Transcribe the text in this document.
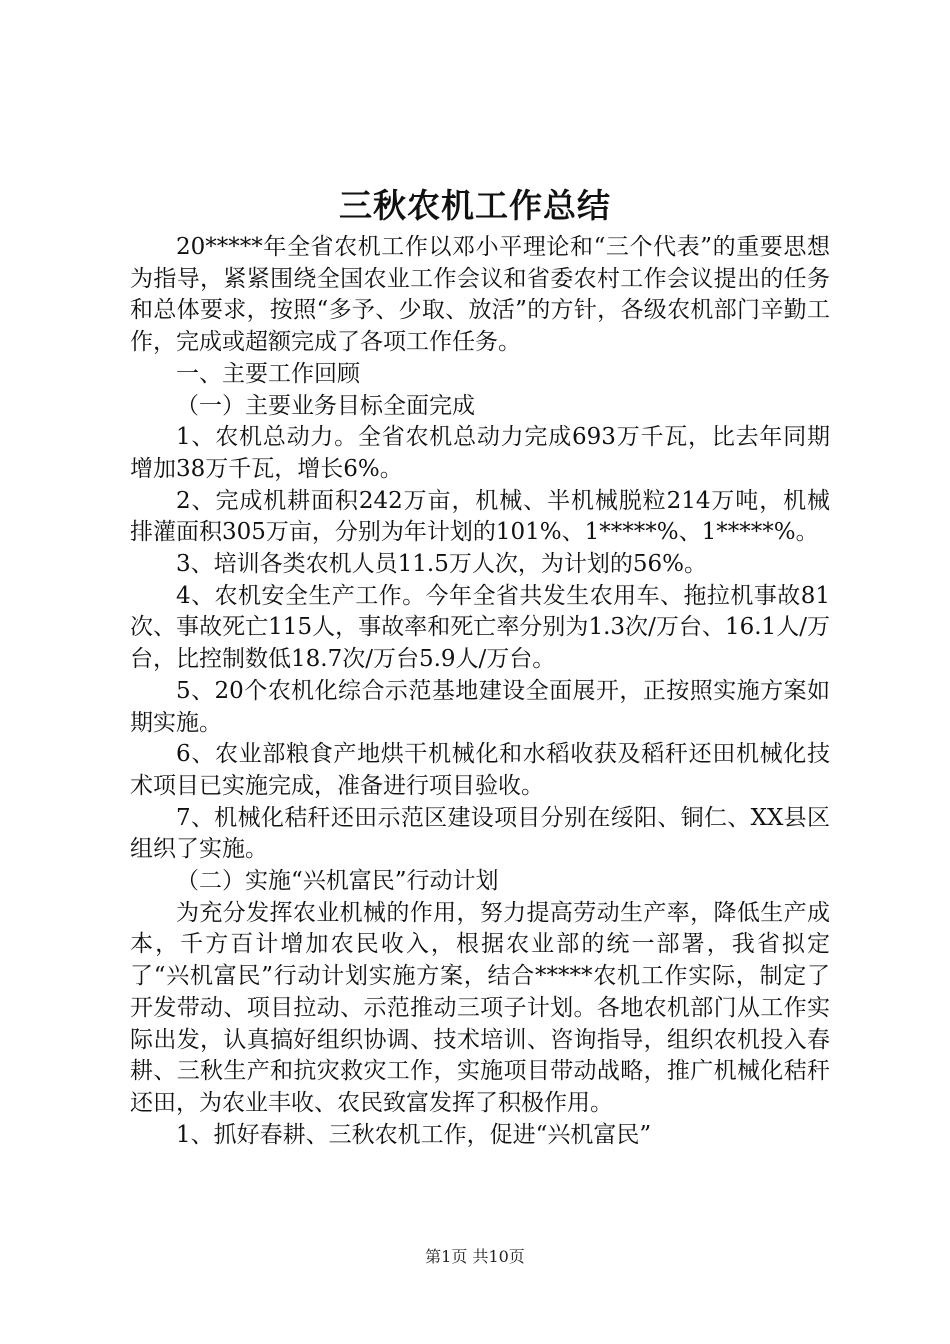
三秋农机工作总结

20*****年全省农机工作以邓小平理论和“三个代表”的重要思想为指导，紧紧围绕全国农业工作会议和省委农村工作会议提出的任务和总体要求，按照“多予、少取、放活”的方针，各级农机部门辛勤工作，完成或超额完成了各项工作任务。

一、主要工作回顾

（一）主要业务目标全面完成

1、农机总动力。全省农机总动力完成693万千瓦，比去年同期增加38万千瓦，增长6%。

2、完成机耕面积242万亩，机械、半机械脱粒214万吨，机械排灌面积305万亩，分别为年计划的101%、1*****%、1*****%。

3、培训各类农机人员11.5万人次，为计划的56%。

4、农机安全生产工作。今年全省共发生农用车、拖拉机事故81次、事故死亡115人，事故率和死亡率分别为1.3次/万台、16.1人/万台，比控制数低18.7次/万台5.9人/万台。

5、20个农机化综合示范基地建设全面展开，正按照实施方案如期实施。

6、农业部粮食产地烘干机械化和水稻收获及稻秆还田机械化技术项目已实施完成，准备进行项目验收。

7、机械化秸秆还田示范区建设项目分别在绥阳、铜仁、XX县区组织了实施。

（二）实施“兴机富民”行动计划

为充分发挥农业机械的作用，努力提高劳动生产率，降低生产成本，千方百计增加农民收入，根据农业部的统一部署，我省拟定了“兴机富民”行动计划实施方案，结合*****农机工作实际，制定了开发带动、项目拉动、示范推动三项子计划。各地农机部门从工作实际出发，认真搞好组织协调、技术培训、咨询指导，组织农机投入春耕、三秋生产和抗灾救灾工作，实施项目带动战略，推广机械化秸秆还田，为农业丰收、农民致富发挥了积极作用。

1、抓好春耕、三秋农机工作，促进“兴机富民”

第1页 共10页
